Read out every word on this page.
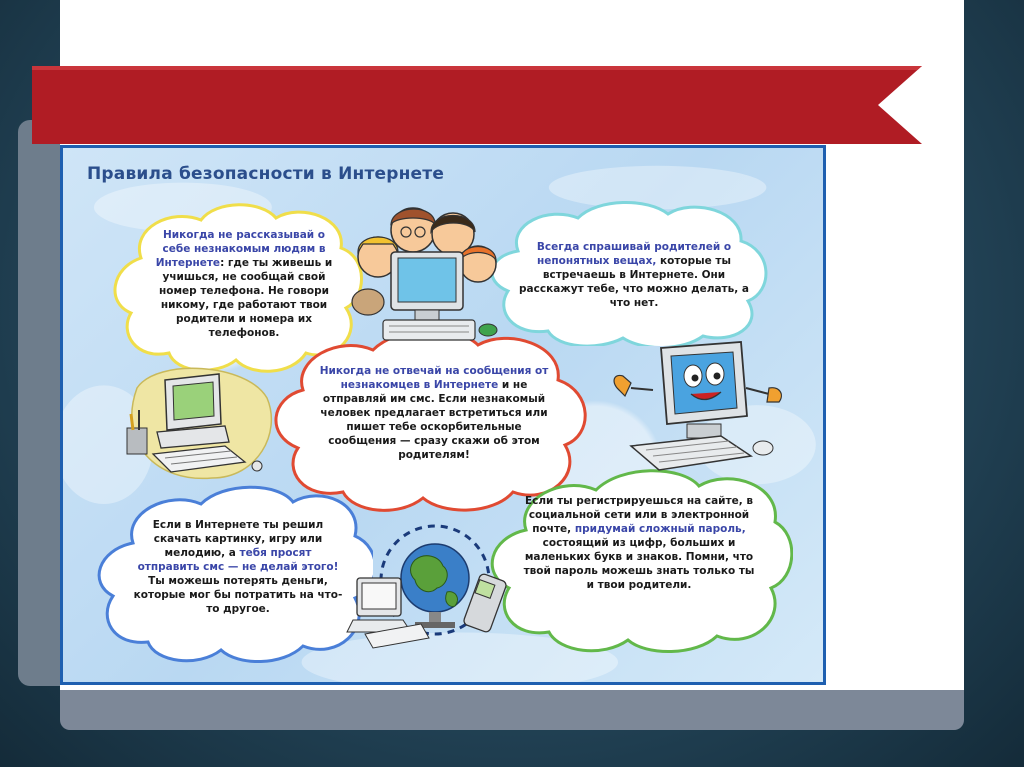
Правила безопасности в Интернете
Никогда не рассказывай о себе незнакомым людям в Интернете: где ты живешь и учишься, не сообщай свой номер телефона. Не говори никому, где работают твои родители и номера их телефонов.
Всегда спрашивай родителей о непонятных вещах, которые ты встречаешь в Интернете. Они расскажут тебе, что можно делать, а что нет.
Никогда не отвечай на сообщения от незнакомцев в Интернете и не отправляй им смс. Если незнакомый человек предлагает встретиться или пишет тебе оскорбительные сообщения — сразу скажи об этом родителям!
Если в Интернете ты решил скачать картинку, игру или мелодию, а тебя просят отправить смс — не делай этого! Ты можешь потерять деньги, которые мог бы потратить на что-то другое.
Если ты регистрируешься на сайте, в социальной сети или в электронной почте, придумай сложный пароль, состоящий из цифр, больших и маленьких букв и знаков. Помни, что твой пароль можешь знать только ты и твои родители.
